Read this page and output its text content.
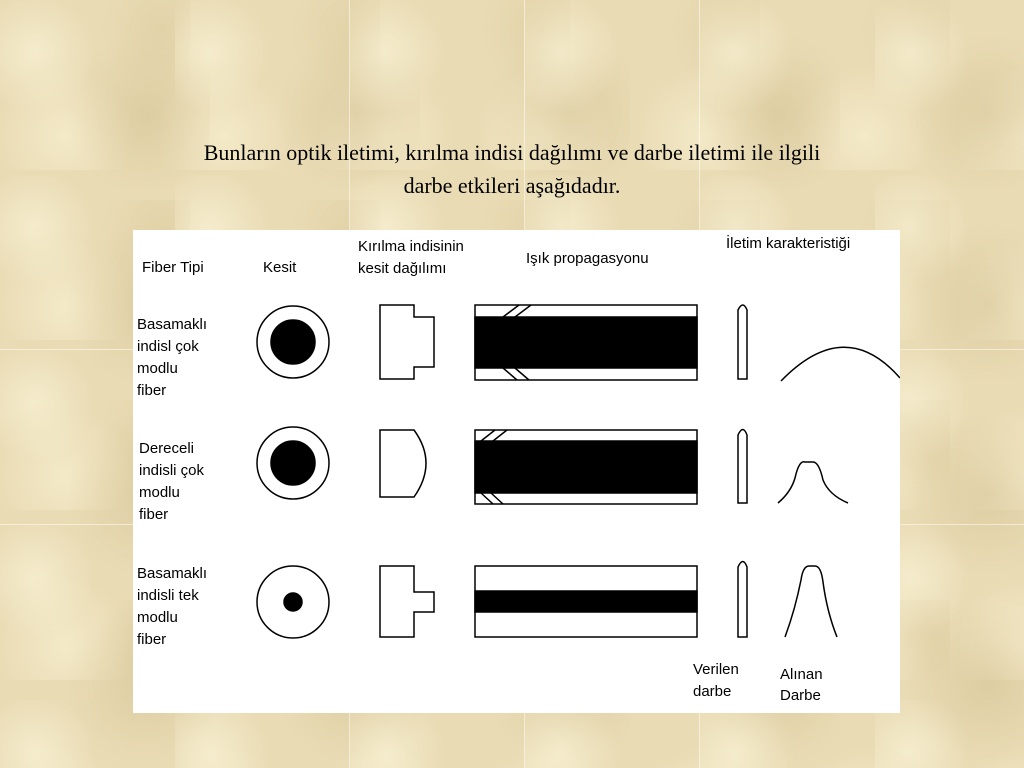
Bunların optik iletimi, kırılma indisi dağılımı ve darbe iletimi ile ilgili
darbe etkileri aşağıdadır.
Fiber Tipi	Kesit
Kırılma indisinin
kesit dağılımı
Işık propagasyonu
İletim karakteristiği
Basamaklı
indisl çok
modlu
fiber
Dereceli
indisli çok
modlu
fiber
Basamaklı
indisli tek
modlu
fiber
Verilen
darbe
Alınan
Darbe
